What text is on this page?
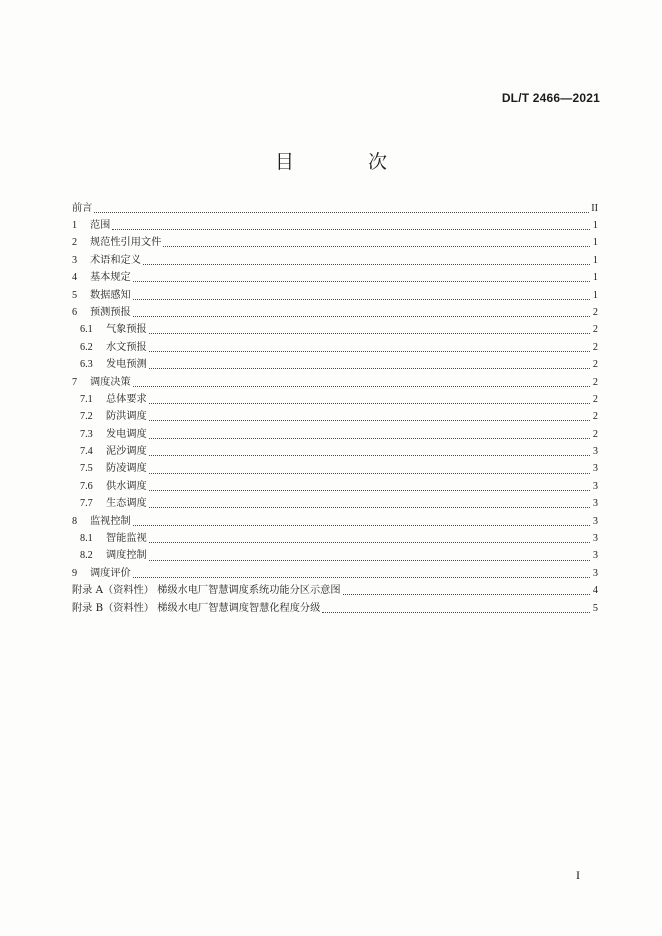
DL/T 2466—2021
目 次
前言	II
1	范围	1
2	规范性引用文件	1
3	术语和定义	1
4	基本规定	1
5	数据感知	1
6	预测预报	2
6.1	气象预报	2
6.2	水文预报	2
6.3	发电预测	2
7	调度决策	2
7.1	总体要求	2
7.2	防洪调度	2
7.3	发电调度	2
7.4	泥沙调度	3
7.5	防凌调度	3
7.6	供水调度	3
7.7	生态调度	3
8	监视控制	3
8.1	智能监视	3
8.2	调度控制	3
9	调度评价	3
附录 A（资料性） 梯级水电厂智慧调度系统功能分区示意图	4
附录 B（资料性） 梯级水电厂智慧调度智慧化程度分级	5
I
